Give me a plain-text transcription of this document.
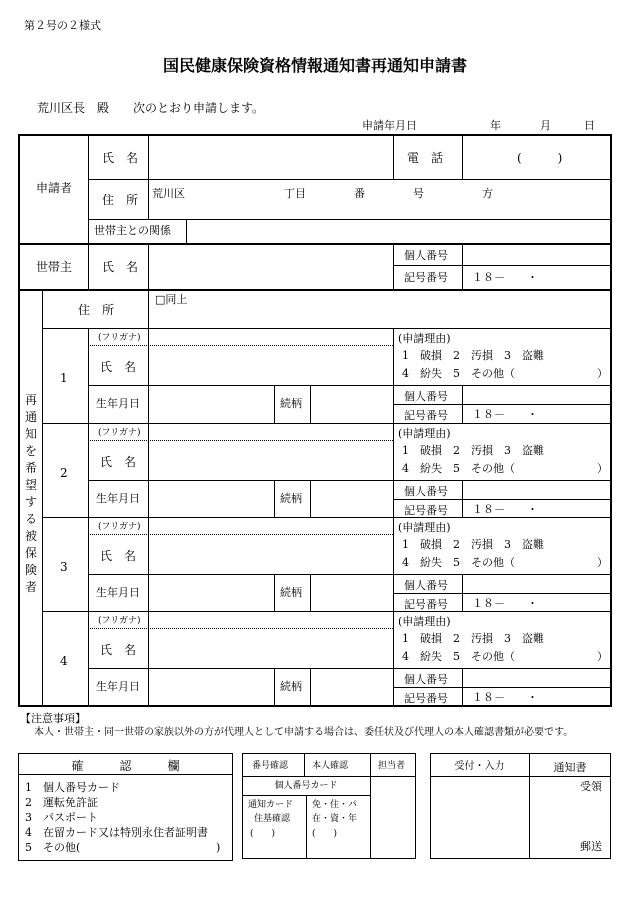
第２号の２様式
国民健康保険資格情報通知書再通知申請書
荒川区長　殿　　次のとおり申請します。
申請年月日	年	月	日
申請者
氏　名	電　話	(　　　)
住　所 荒川区	丁目	番	号	方
世帯主との関係
世帯主 氏　名
個人番号
記号番号 １８－　　・
再
通
知
を
希
望
す
る
被
保
険
者
住　所
□同上
1
(フリガナ)
氏　名
生年月日	続柄
(申請理由)
1　破損　2　汚損　3　盗難
4　紛失　5　その他（	）
個人番号
記号番号 １８－　　・
2
(フリガナ)
氏　名
生年月日	続柄
(申請理由)
1　破損　2　汚損　3　盗難
4　紛失　5　その他（	）
個人番号
記号番号 １８－　　・
3
(フリガナ)
氏　名
生年月日	続柄
(申請理由)
1　破損　2　汚損　3　盗難
4　紛失　5　その他（	）
個人番号
記号番号 １８－　　・
4
(フリガナ)
氏　名
生年月日	続柄
(申請理由)
1　破損　2　汚損　3　盗難
4　紛失　5　その他（	）
個人番号
記号番号 １８－　　・
【注意事項】
本人・世帯主・同一世帯の家族以外の方が代理人として申請する場合は、委任状及び代理人の本人確認書類が必要です。
確　　　認　　　欄
1　個人番号カード
2　運転免許証
3　パスポート
4　在留カード又は特別永住者証明書
5　その他(	)
番号確認	本人確認	担当者
個人番号カード
通知カード
住基確認
(　　)
免・住・パ
在・資・年
(　　)
受付・入力	通知書
受領
郵送
